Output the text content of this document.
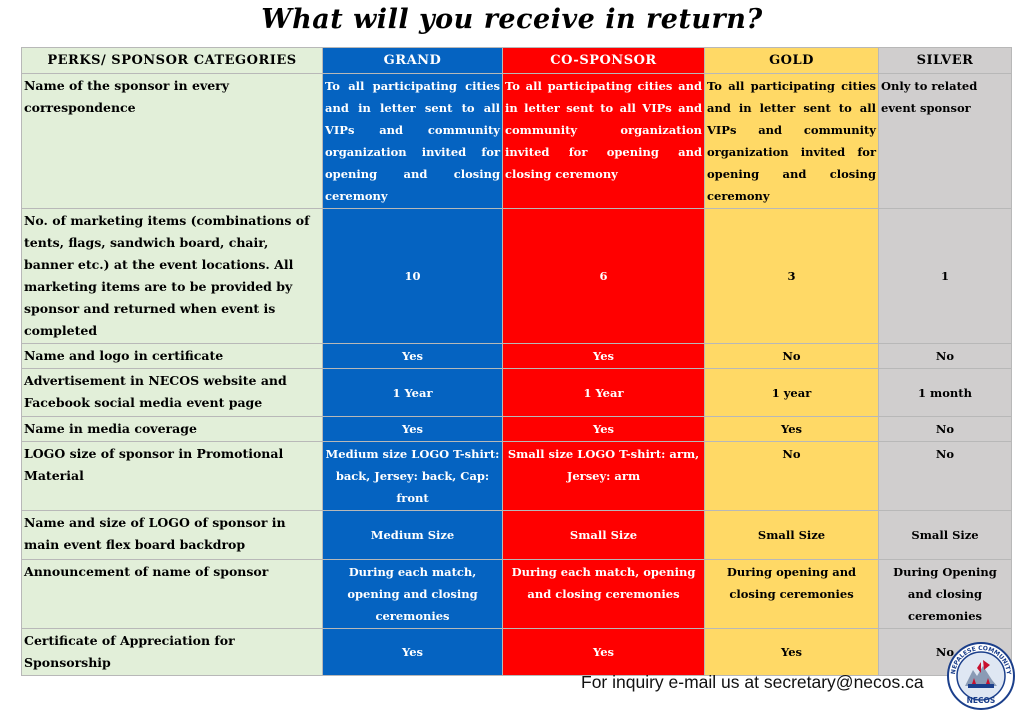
What will you receive in return?
PERKS/ SPONSOR CATEGORIES	GRAND	CO-SPONSOR	GOLD	SILVER
Name of the sponsor in every correspondence	To all participating cities and in letter sent to all VIPs and community organization invited for opening and closing ceremony	To all participating cities and in letter sent to all VIPs and community organization invited for opening and closing ceremony	To all participating cities and in letter sent to all VIPs and community organization invited for opening and closing ceremony	Only to related event sponsor
No. of marketing items (combinations of tents, flags, sandwich board, chair, banner etc.) at the event locations. All marketing items are to be provided by sponsor and returned when event is completed	10	6	3	1
Name and logo in certificate	Yes	Yes	No	No
Advertisement in NECOS website and Facebook social media event page	1 Year	1 Year	1 year	1 month
Name in media coverage	Yes	Yes	Yes	No
LOGO size of sponsor in Promotional Material	Medium size LOGO T-shirt: back, Jersey: back, Cap: front	Small size LOGO T-shirt: arm, Jersey: arm	No	No
Name and size of LOGO of sponsor in main event flex board backdrop	Medium Size	Small Size	Small Size	Small Size
Announcement of name of sponsor	During each match, opening and closing ceremonies	During each match, opening and closing ceremonies	During opening and closing ceremonies	During Opening and closing ceremonies
Certificate of Appreciation for Sponsorship	Yes	Yes	Yes	No
For inquiry e-mail us at secretary@necos.ca
NEPALESE COMMUNITY
NECOS
